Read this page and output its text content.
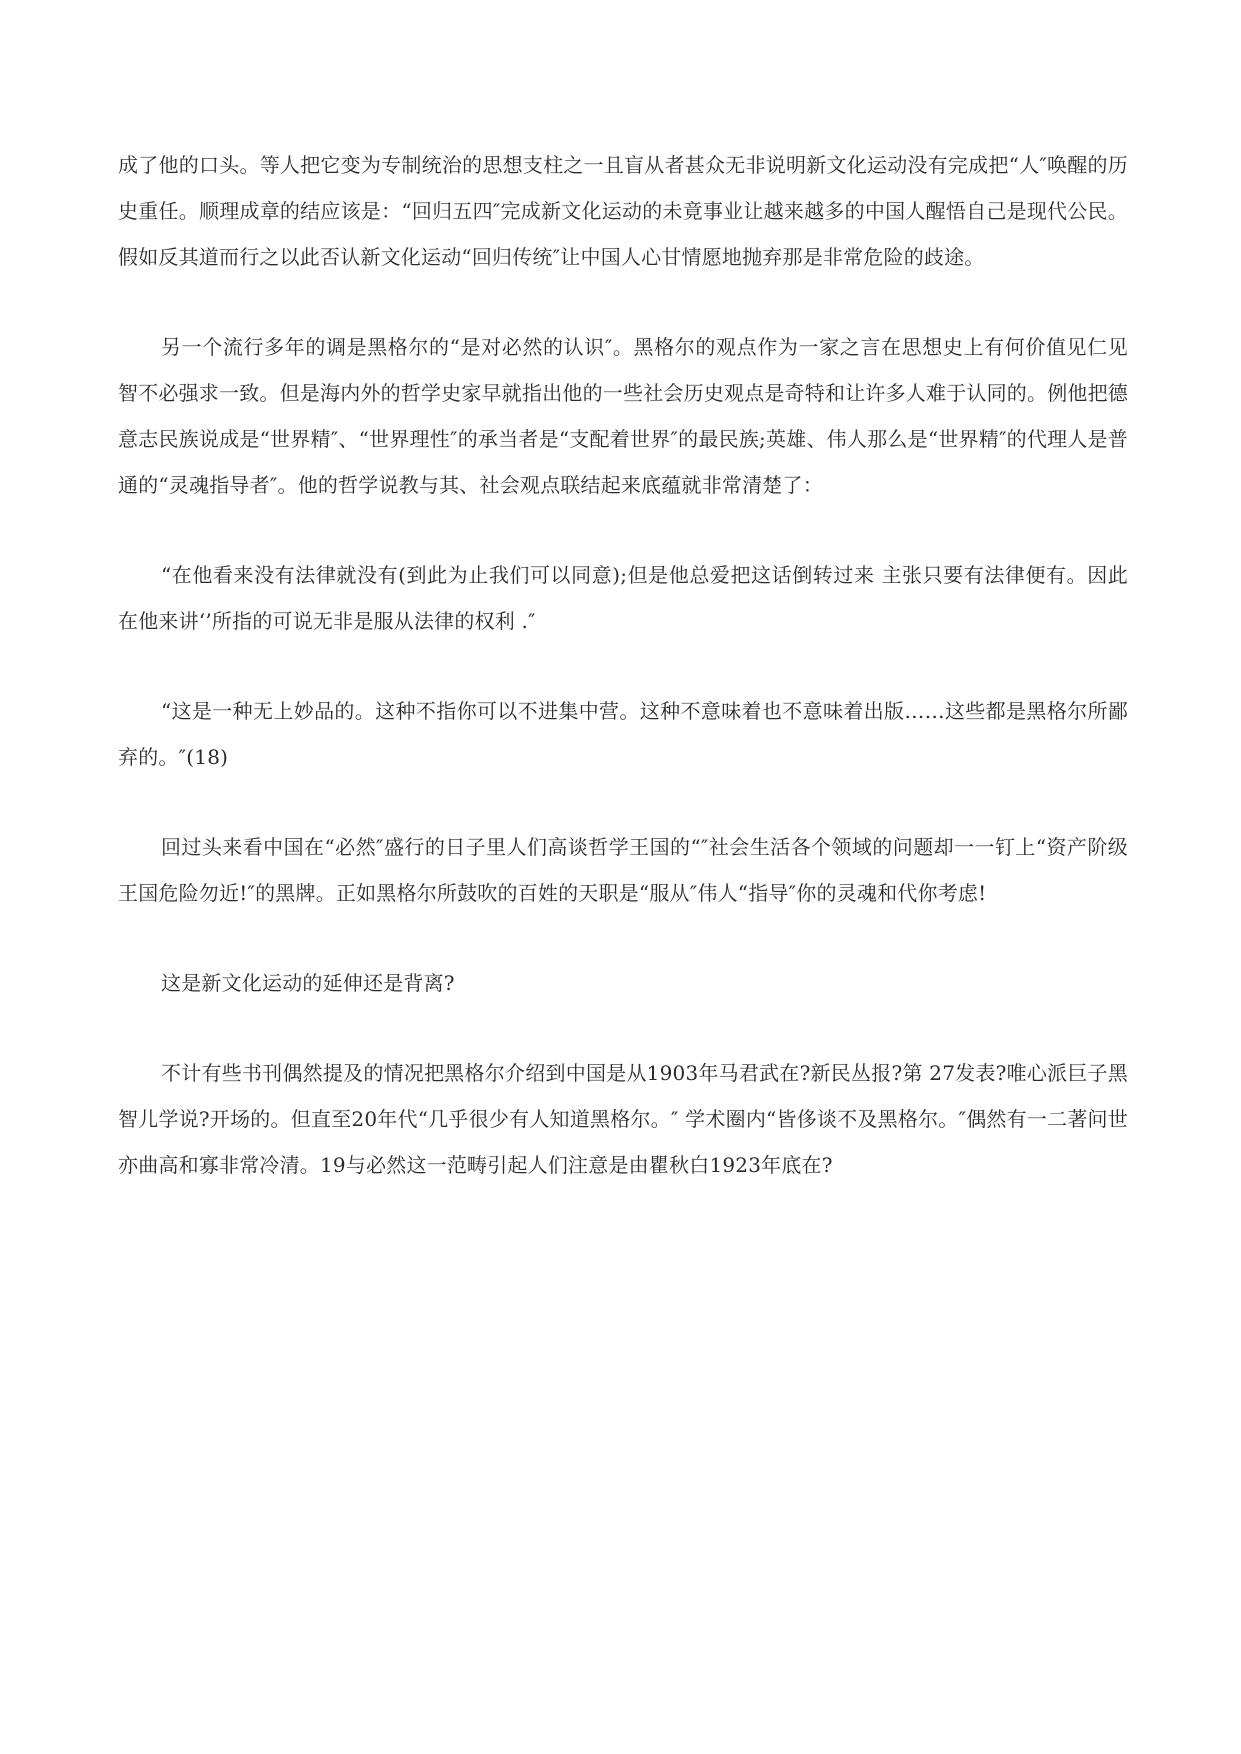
成了他的口头。等人把它变为专制统治的思想支柱之一且盲从者甚众无非说明新文化运动没有完成把“人″唤醒的历史重任。顺理成章的结应该是：“回归五四″完成新文化运动的未竟事业让越来越多的中国人醒悟自己是现代公民。假如反其道而行之以此否认新文化运动“回归传统″让中国人心甘情愿地抛弃那是非常危险的歧途。

另一个流行多年的调是黑格尔的“是对必然的认识″。黑格尔的观点作为一家之言在思想史上有何价值见仁见智不必强求一致。但是海内外的哲学史家早就指出他的一些社会历史观点是奇特和让许多人难于认同的。例他把德意志民族说成是“世界精″、“世界理性″的承当者是“支配着世界″的最民族;英雄、伟人那么是“世界精″的代理人是普通的“灵魂指导者″。他的哲学说教与其、社会观点联结起来底蕴就非常清楚了：

“在他看来没有法律就没有(到此为止我们可以同意);但是他总爱把这话倒转过来 主张只要有法律便有。因此在他来讲‘’所指的可说无非是服从法律的权利 .″

“这是一种无上妙品的。这种不指你可以不进集中营。这种不意味着也不意味着出版……这些都是黑格尔所鄙弃的。″(18)

回过头来看中国在“必然″盛行的日子里人们高谈哲学王国的“″社会生活各个领域的问题却一一钉上“资产阶级王国危险勿近!″的黑牌。正如黑格尔所鼓吹的百姓的天职是“服从″伟人“指导″你的灵魂和代你考虑!

这是新文化运动的延伸还是背离?

不计有些书刊偶然提及的情况把黑格尔介绍到中国是从1903年马君武在?新民丛报?第 27发表?唯心派巨子黑智儿学说?开场的。但直至20年代“几乎很少有人知道黑格尔。″ 学术圈内“皆侈谈不及黑格尔。″偶然有一二著问世亦曲高和寡非常冷清。19与必然这一范畴引起人们注意是由瞿秋白1923年底在?
